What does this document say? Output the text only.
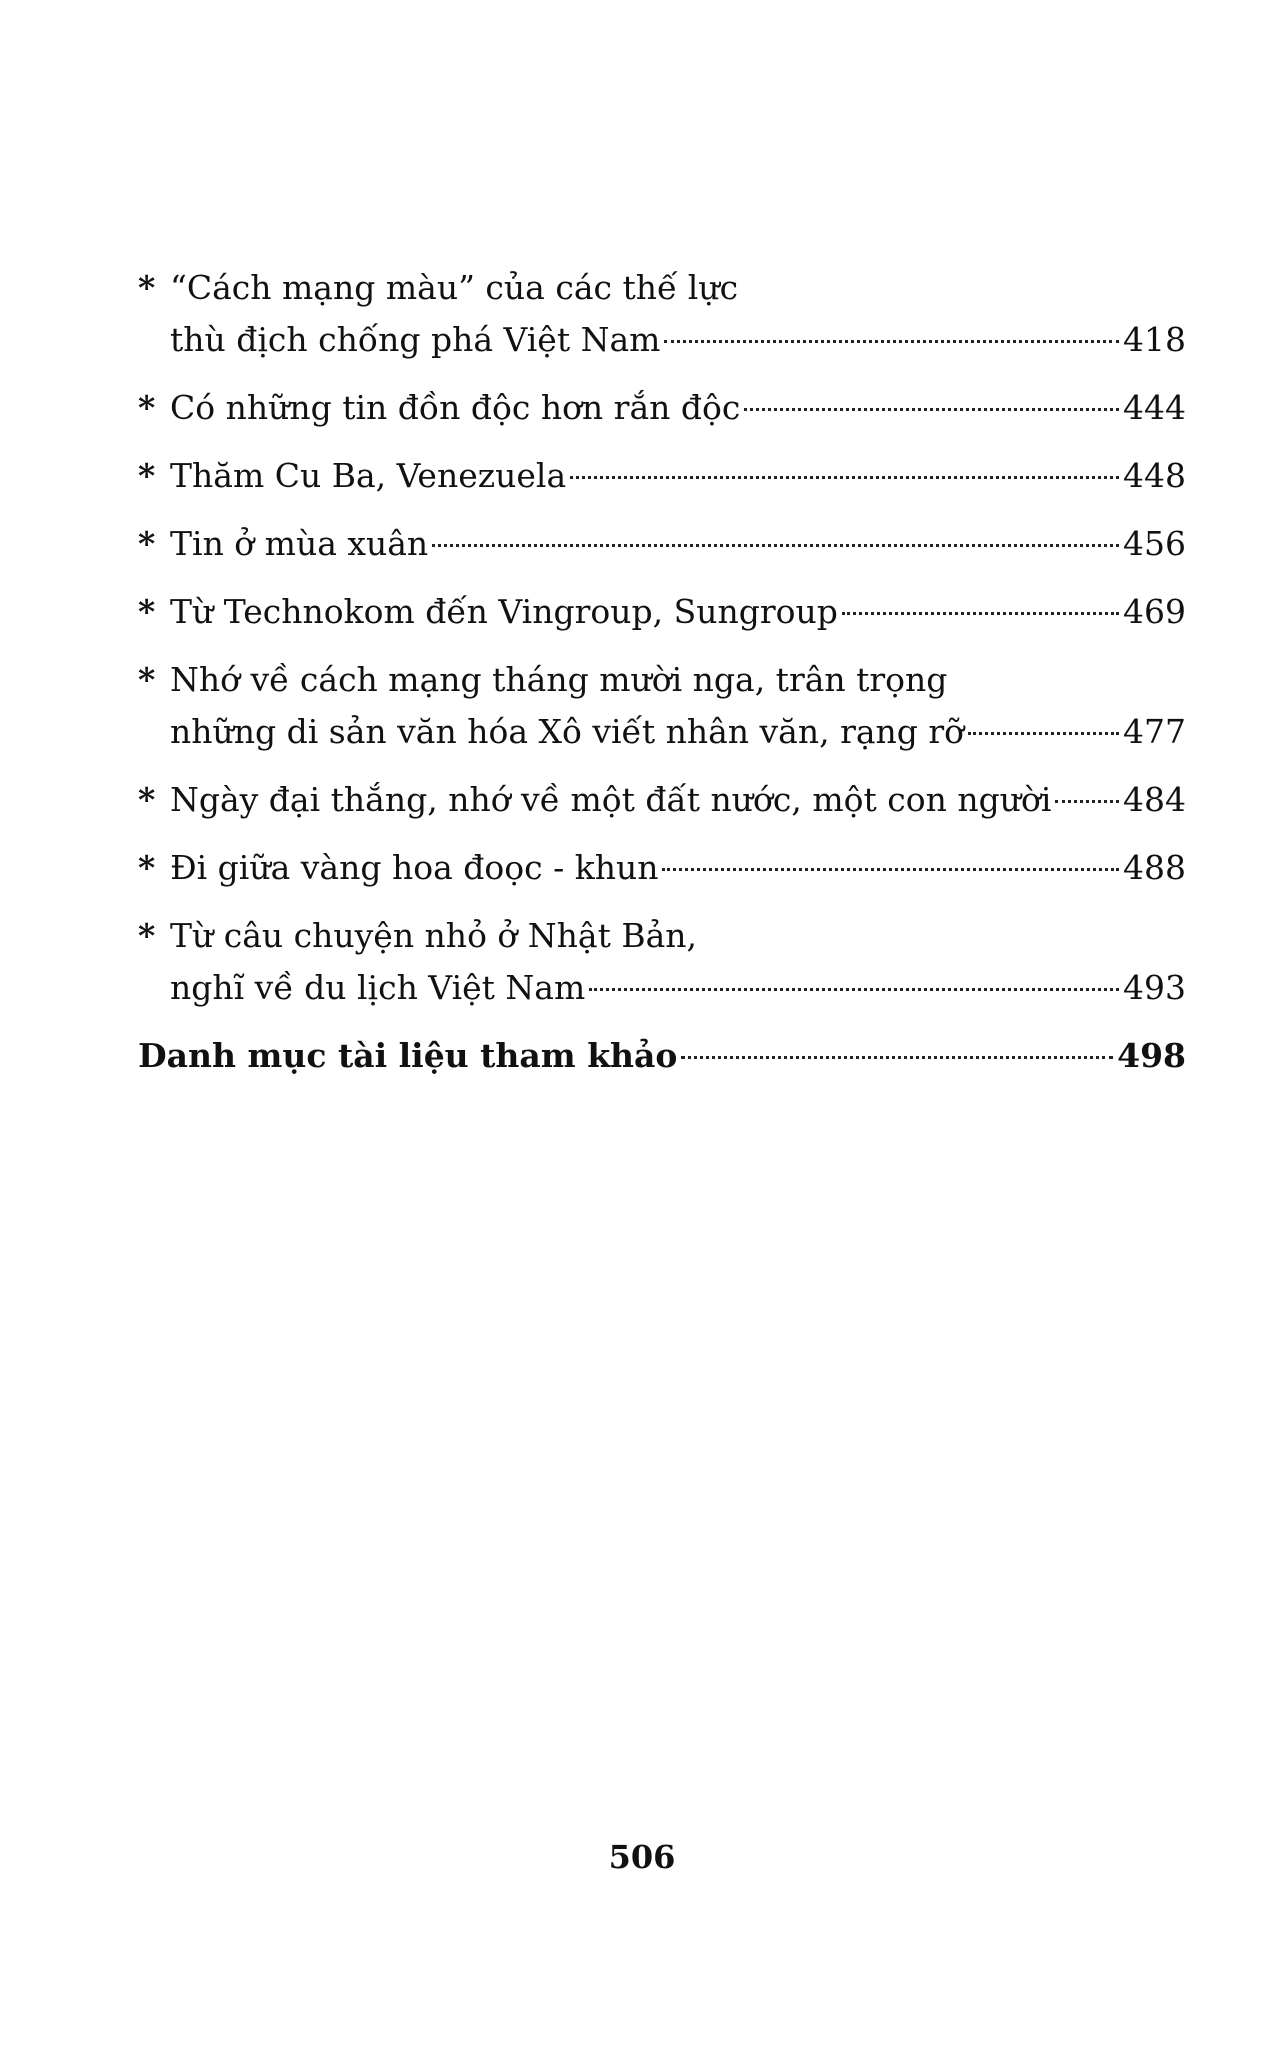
* “Cách mạng màu” của các thế lực
thù địch chống phá Việt Nam	418
* Có những tin đồn độc hơn rắn độc	444
* Thăm Cu Ba, Venezuela	448
* Tin ở mùa xuân	456
* Từ Technokom đến Vingroup, Sungroup	469
* Nhớ về cách mạng tháng mười nga, trân trọng
những di sản văn hóa Xô viết nhân văn, rạng rỡ	477
* Ngày đại thắng, nhớ về một đất nước, một con người 484
* Đi giữa vàng hoa đoọc - khun	488
* Từ câu chuyện nhỏ ở Nhật Bản,
nghĩ về du lịch Việt Nam	493
Danh mục tài liệu tham khảo	498
506
